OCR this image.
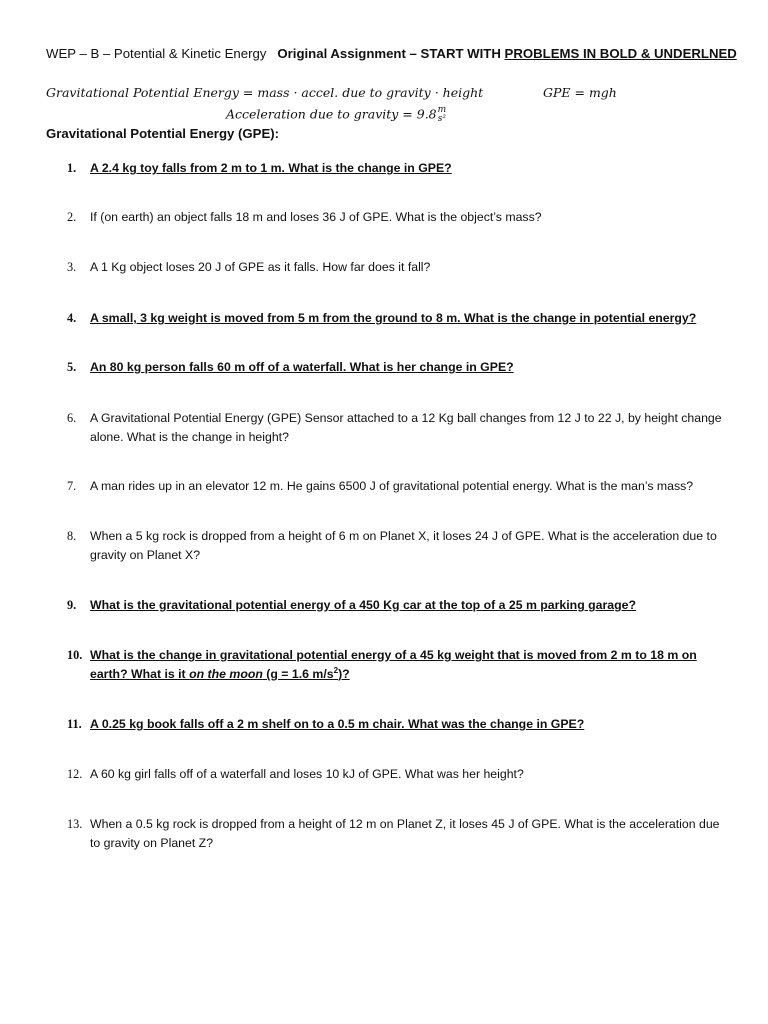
WEP – B – Potential & Kinetic Energy Original Assignment – START WITH PROBLEMS IN BOLD & UNDERLNED
Gravitational Potential Energy = mass · accel. due to gravity · height	GPE = mgh
Acceleration due to gravity = 9.8 m
s²
Gravitational Potential Energy (GPE):
1.	A 2.4 kg toy falls from 2 m to 1 m. What is the change in GPE?
2.	If (on earth) an object falls 18 m and loses 36 J of GPE. What is the object’s mass?
3.	A 1 Kg object loses 20 J of GPE as it falls. How far does it fall?
4.	A small, 3 kg weight is moved from 5 m from the ground to 8 m. What is the change in potential energy?
5.	An 80 kg person falls 60 m off of a waterfall. What is her change in GPE?
6.	A Gravitational Potential Energy (GPE) Sensor attached to a 12 Kg ball changes from 12 J to 22 J, by height change alone. What is the change in height?
7.	A man rides up in an elevator 12 m. He gains 6500 J of gravitational potential energy. What is the man’s mass?
8.	When a 5 kg rock is dropped from a height of 6 m on Planet X, it loses 24 J of GPE. What is the acceleration due to gravity on Planet X?
9.	What is the gravitational potential energy of a 450 Kg car at the top of a 25 m parking garage?
10. What is the change in gravitational potential energy of a 45 kg weight that is moved from 2 m to 18 m on earth? What is it on the moon (g = 1.6 $m/s^2$)?
11. A 0.25 kg book falls off a 2 m shelf on to a 0.5 m chair. What was the change in GPE?
12. A 60 kg girl falls off of a waterfall and loses 10 kJ of GPE. What was her height?
13. When a 0.5 kg rock is dropped from a height of 12 m on Planet Z, it loses 45 J of GPE. What is the acceleration due to gravity on Planet Z?
